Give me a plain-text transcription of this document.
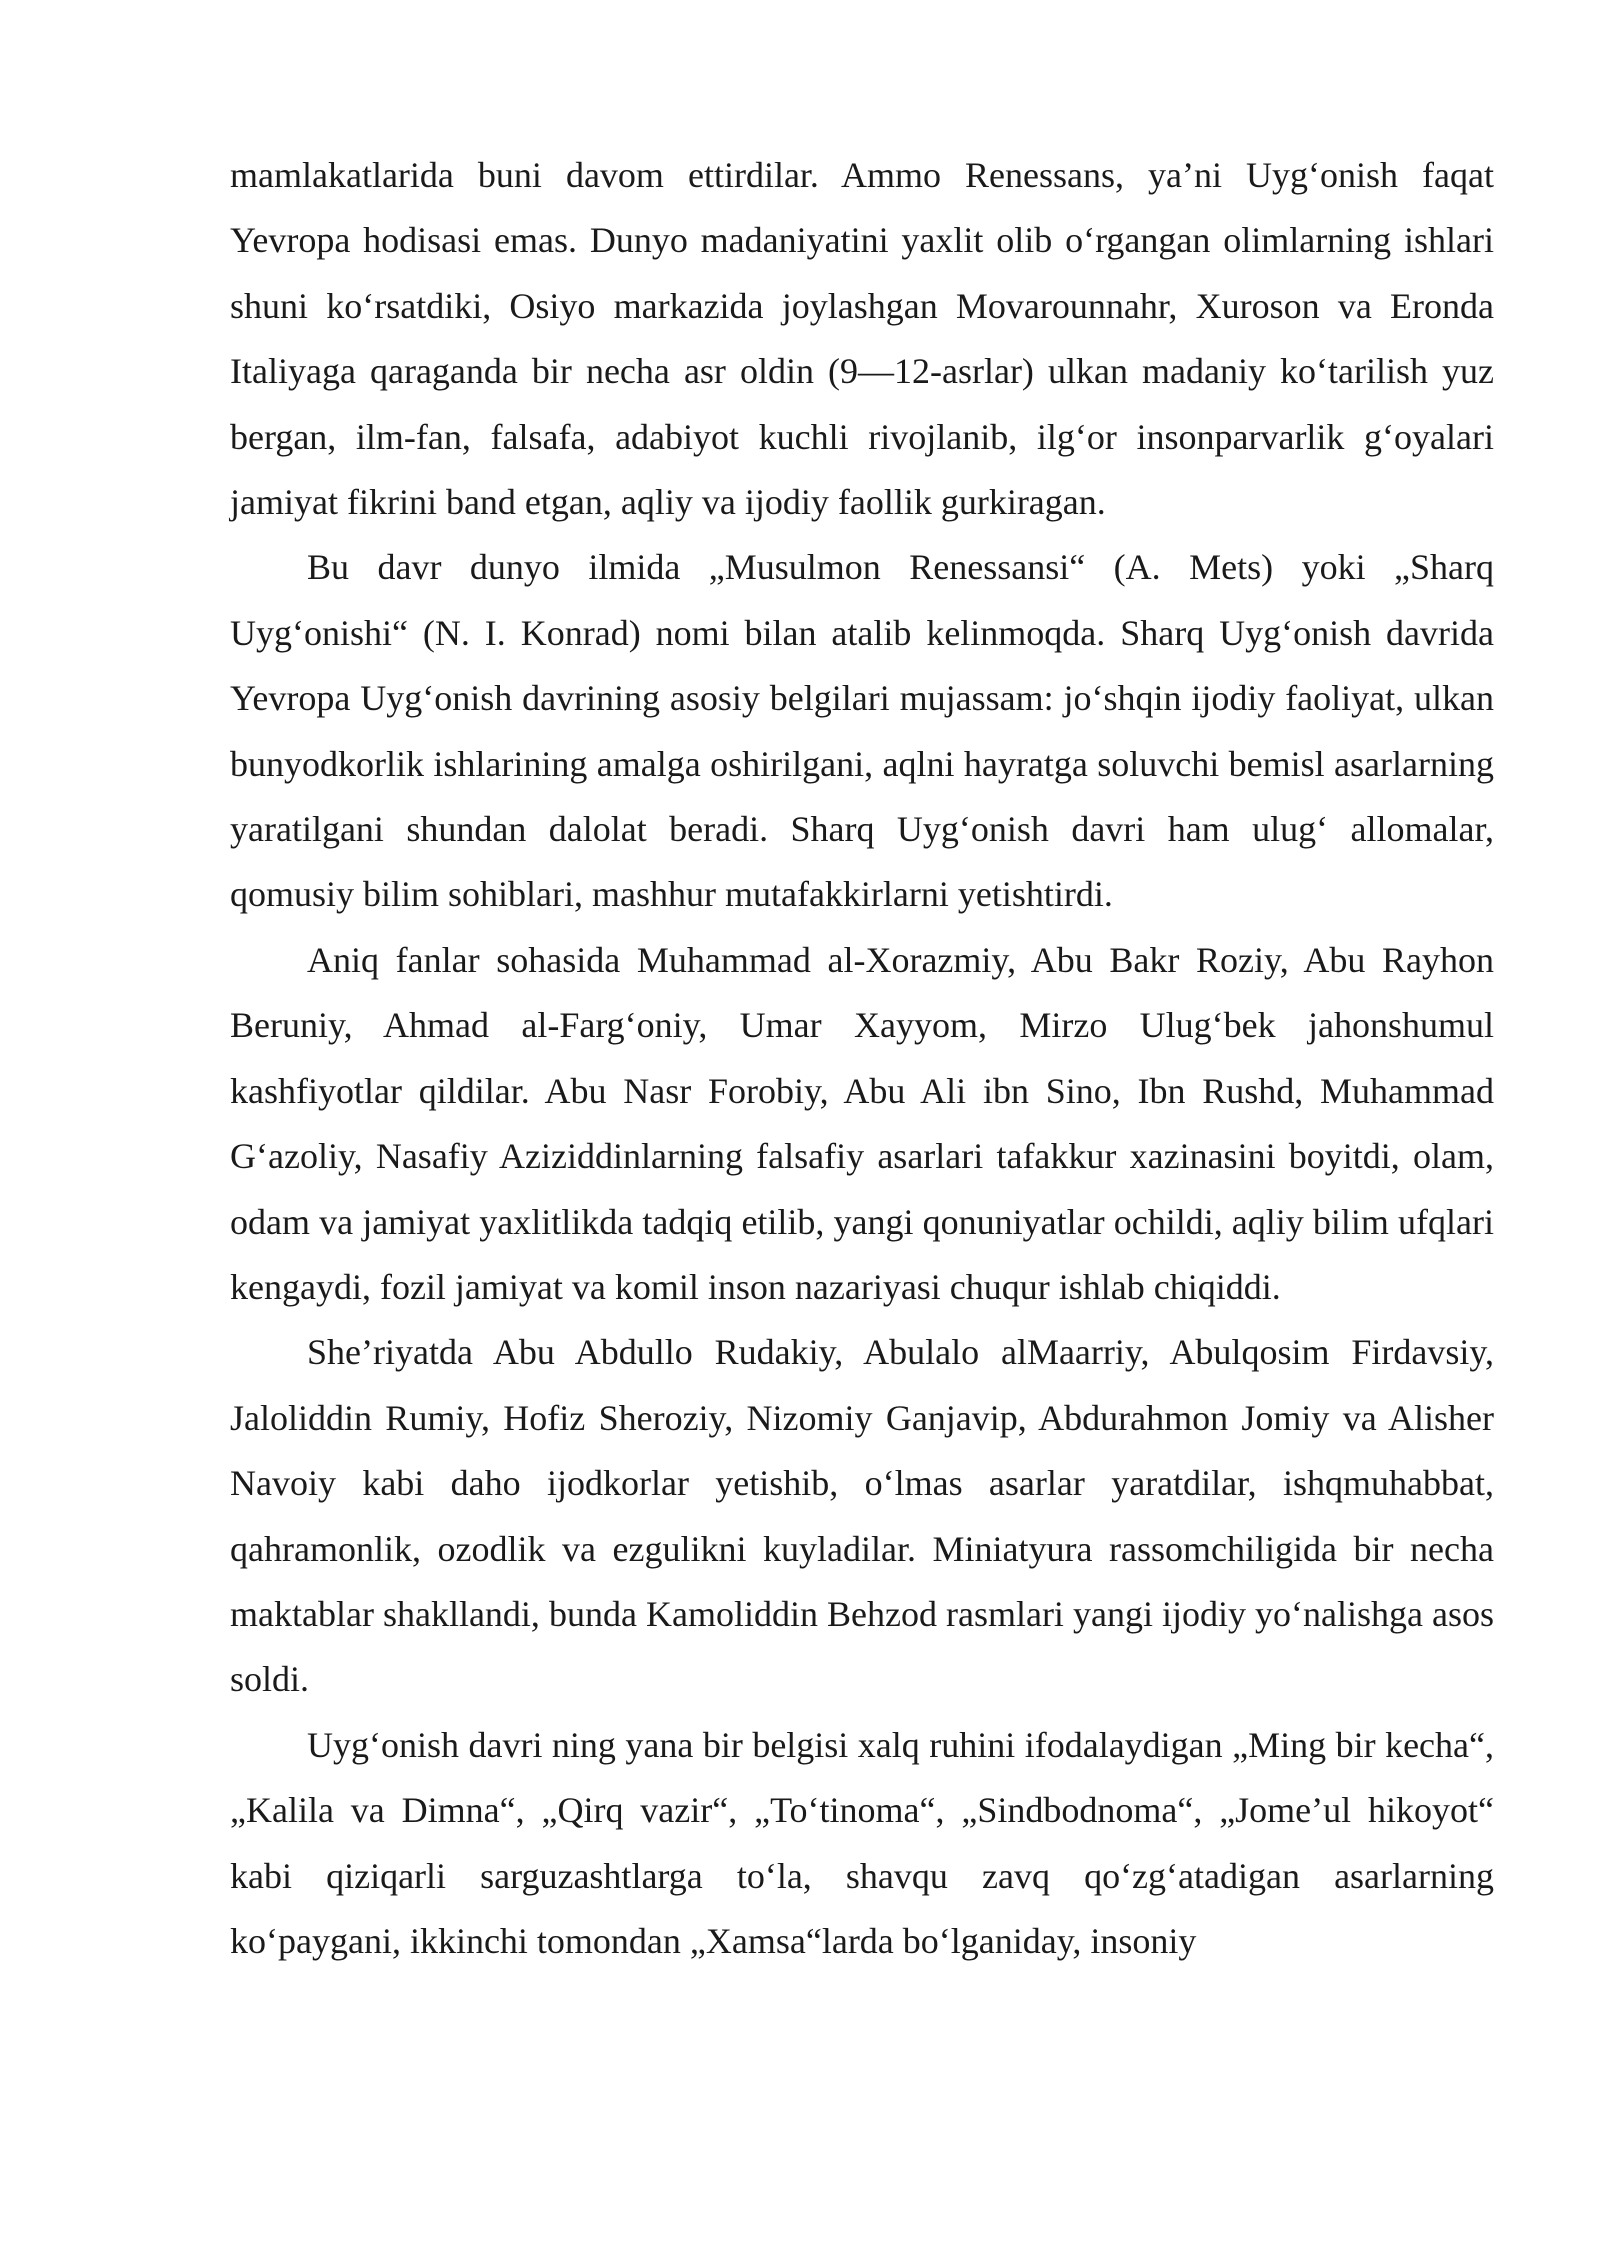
mamlakatlarida buni davom ettirdilar. Ammo Renessans, ya’ni Uyg‘onish faqat Yevropa hodisasi emas. Dunyo madaniyatini yaxlit olib o‘rgangan olimlarning ishlari shuni ko‘rsatdiki, Osiyo markazida joylashgan Movarounnahr, Xuroson va Eronda Italiyaga qaraganda bir necha asr oldin (9—12-asrlar) ulkan madaniy ko‘tarilish yuz bergan, ilm-fan, falsafa, adabiyot kuchli rivojlanib, ilg‘or insonparvarlik g‘oyalari jamiyat fikrini band etgan, aqliy va ijodiy faollik gurkiragan.

Bu davr dunyo ilmida „Musulmon Renessansi“ (A. Mets) yoki „Sharq Uyg‘onishi“ (N. I. Konrad) nomi bilan atalib kelinmoqda. Sharq Uyg‘onish davrida Yevropa Uyg‘onish davrining asosiy belgilari mujassam: jo‘shqin ijodiy faoliyat, ulkan bunyodkorlik ishlarining amalga oshirilgani, aqlni hayratga soluvchi bemisl asarlarning yaratilgani shundan dalolat beradi. Sharq Uyg‘onish davri ham ulug‘ allomalar, qomusiy bilim sohiblari, mashhur mutafakkirlarni yetishtirdi.

Aniq fanlar sohasida Muhammad al-Xorazmiy, Abu Bakr Roziy, Abu Rayhon Beruniy, Ahmad al-Farg‘oniy, Umar Xayyom, Mirzo Ulug‘bek jahonshumul kashfiyotlar qildilar. Abu Nasr Forobiy, Abu Ali ibn Sino, Ibn Rushd, Muhammad G‘azoliy, Nasafiy Aziziddinlarning falsafiy asarlari tafakkur xazinasini boyitdi, olam, odam va jamiyat yaxlitlikda tadqiq etilib, yangi qonuniyatlar ochildi, aqliy bilim ufqlari kengaydi, fozil jamiyat va komil inson nazariyasi chuqur ishlab chiqiddi.

She’riyatda Abu Abdullo Rudakiy, Abulalo alMaarriy, Abulqosim Firdavsiy, Jaloliddin Rumiy, Hofiz Sheroziy, Nizomiy Ganjavip, Abdurahmon Jomiy va Alisher Navoiy kabi daho ijodkorlar yetishib, o‘lmas asarlar yaratdilar, ishqmuhabbat, qahramonlik, ozodlik va ezgulikni kuyladilar. Miniatyura rassomchiligida bir necha maktablar shakllandi, bunda Kamoliddin Behzod rasmlari yangi ijodiy yo‘nalishga asos soldi.

Uyg‘onish davri ning yana bir belgisi xalq ruhini ifodalaydigan „Ming bir kecha“, „Kalila va Dimna“, „Qirq vazir“, „To‘tinoma“, „Sindbodnoma“, „Jome’ul hikoyot“ kabi qiziqarli sarguzashtlarga to‘la, shavqu zavq qo‘zg‘atadigan asarlarning ko‘paygani, ikkinchi tomondan „Xamsa“larda bo‘lganiday, insoniy
